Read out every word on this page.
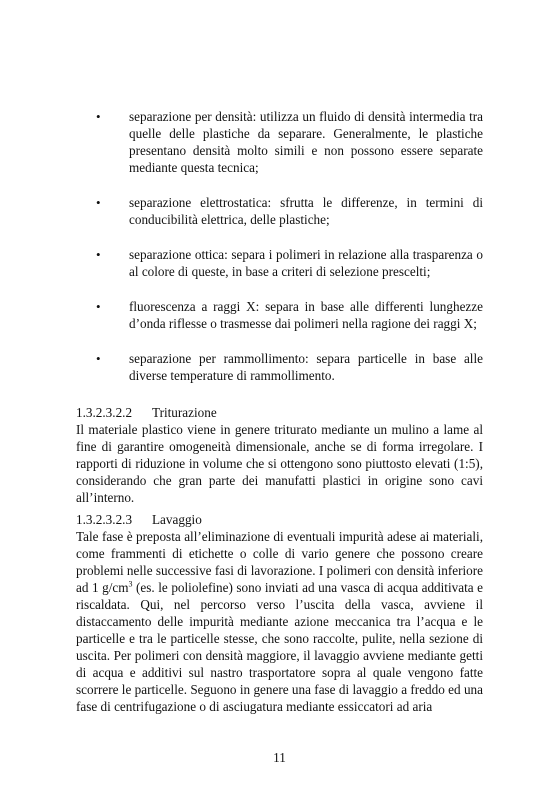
•	separazione per densità: utilizza un fluido di densità intermedia tra quelle delle plastiche da separare. Generalmente, le plastiche presentano densità molto simili e non possono essere separate mediante questa tecnica;
•	separazione elettrostatica: sfrutta le differenze, in termini di conducibilità elettrica, delle plastiche;
•	separazione ottica: separa i polimeri in relazione alla trasparenza o al colore di queste, in base a criteri di selezione prescelti;
•	fluorescenza a raggi X: separa in base alle differenti lunghezze d’onda riflesse o trasmesse dai polimeri nella ragione dei raggi X;
•	separazione per rammollimento: separa particelle in base alle diverse temperature di rammollimento.
1.3.2.3.2.2 Triturazione

Il materiale plastico viene in genere triturato mediante un mulino a lame al fine di garantire omogeneità dimensionale, anche se di forma irregolare. I rapporti di riduzione in volume che si ottengono sono piuttosto elevati (1:5), considerando che gran parte dei manufatti plastici in origine sono cavi all’interno.

1.3.2.3.2.3 Lavaggio

Tale fase è preposta all’eliminazione di eventuali impurità adese ai materiali, come frammenti di etichette o colle di vario genere che possono creare problemi nelle successive fasi di lavorazione. I polimeri con densità inferiore ad 1 $g/cm^3$ (es. le poliolefine) sono inviati ad una vasca di acqua additivata e riscaldata. Qui, nel percorso verso l’uscita della vasca, avviene il distaccamento delle impurità mediante azione meccanica tra l’acqua e le particelle e tra le particelle stesse, che sono raccolte, pulite, nella sezione di uscita. Per polimeri con densità maggiore, il lavaggio avviene mediante getti di acqua e additivi sul nastro trasportatore sopra al quale vengono fatte scorrere le particelle. Seguono in genere una fase di lavaggio a freddo ed una fase di centrifugazione o di asciugatura mediante essiccatori ad aria

11
